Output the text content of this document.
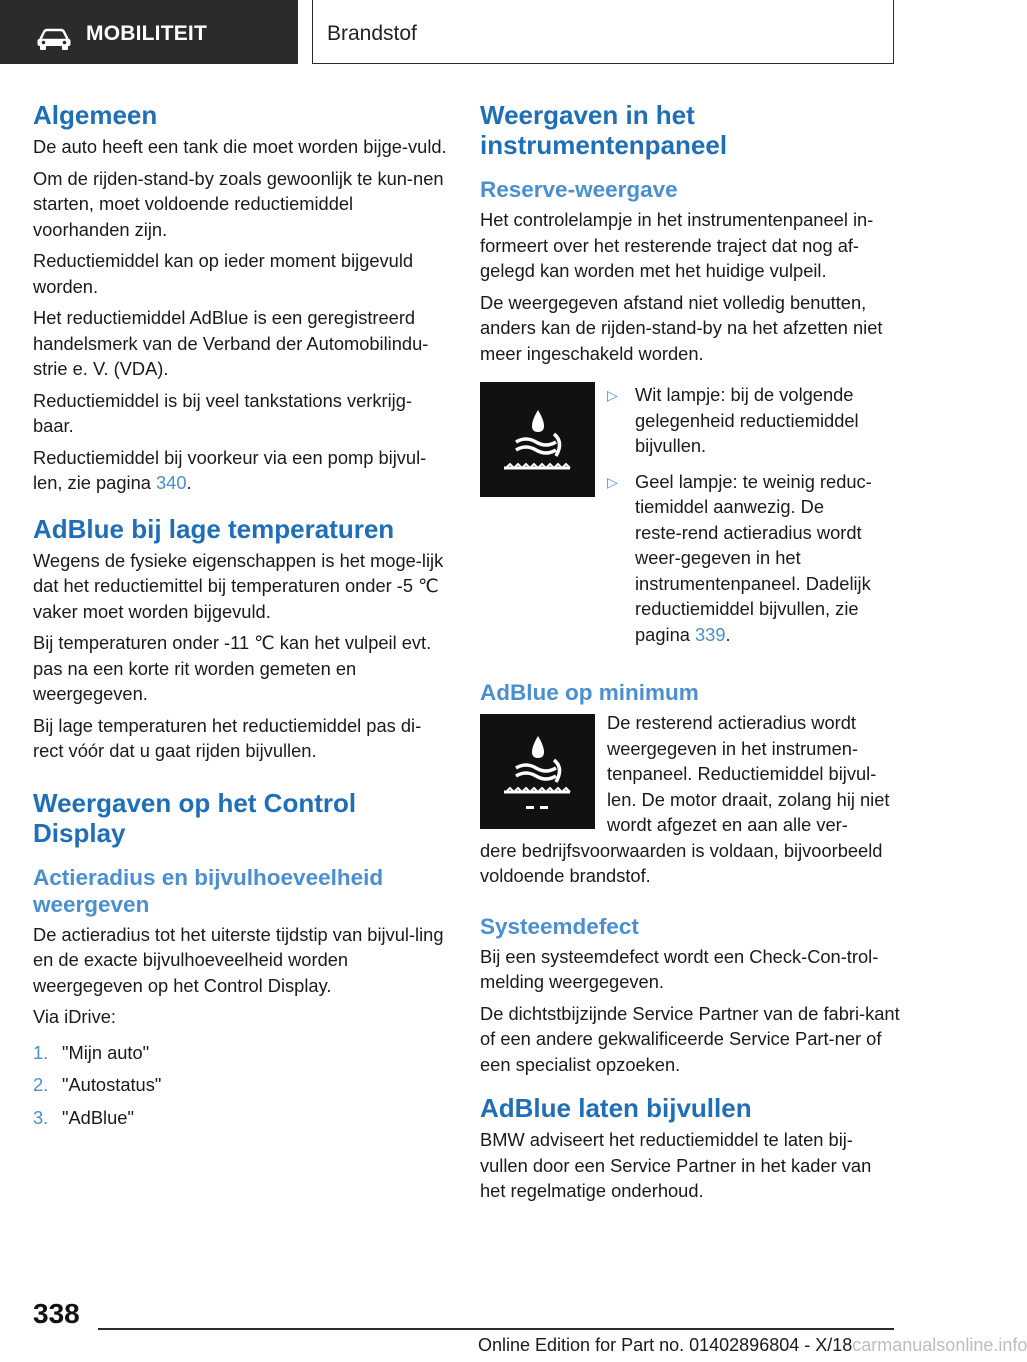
MOBILITEIT	Brandstof
Algemeen

De auto heeft een tank die moet worden bijge-vuld.

Om de rijden-stand-by zoals gewoonlijk te kun-nen starten, moet voldoende reductiemiddel voorhanden zijn.

Reductiemiddel kan op ieder moment bijgevuld worden.

Het reductiemiddel AdBlue is een geregistreerd handelsmerk van de Verband der Automobilindu-strie e. V. (VDA).

Reductiemiddel is bij veel tankstations verkrijg-baar.

Reductiemiddel bij voorkeur via een pomp bijvul-len, zie pagina 340.

AdBlue bij lage temperaturen

Wegens de fysieke eigenschappen is het moge-lijk dat het reductiemittel bij temperaturen onder -5 ℃ vaker moet worden bijgevuld.

Bij temperaturen onder -11 ℃ kan het vulpeil evt. pas na een korte rit worden gemeten en weergegeven.

Bij lage temperaturen het reductiemiddel pas di-rect vóór dat u gaat rijden bijvullen.

Weergaven op het Control Display
Actieradius en bijvulhoeveelheid weergeven

De actieradius tot het uiterste tijdstip van bijvul-ling en de exacte bijvulhoeveelheid worden weergegeven op het Control Display.

Via iDrive:

1. "Mijn auto"
2. "Autostatus"
3. "AdBlue"
Weergaven in het instrumentenpaneel
Reserve-weergave

Het controlelampje in het instrumentenpaneel in-formeert over het resterende traject dat nog af-gelegd kan worden met het huidige vulpeil.

De weergegeven afstand niet volledig benutten, anders kan de rijden-stand-by na het afzetten niet meer ingeschakeld worden.

▷ Wit lampje: bij de volgende gelegenheid reductiemiddel bijvullen.
▷ Geel lampje: te weinig reduc-tiemiddel aanwezig. De reste-rend actieradius wordt weer-gegeven in het instrumentenpaneel. Dadelijk reductiemiddel bijvullen, zie pagina 339.
AdBlue op minimum

De resterend actieradius wordt weergegeven in het instrumen-tenpaneel. Reductiemiddel bijvul-len. De motor draait, zolang hij niet wordt afgezet en aan alle ver-

dere bedrijfsvoorwaarden is voldaan, bijvoorbeeld voldoende brandstof.

Systeemdefect

Bij een systeemdefect wordt een Check-Con-trol-melding weergegeven.

De dichtstbijzijnde Service Partner van de fabri-kant of een andere gekwalificeerde Service Part-ner of een specialist opzoeken.

AdBlue laten bijvullen

BMW adviseert het reductiemiddel te laten bij-vullen door een Service Partner in het kader van het regelmatige onderhoud.

338
Online Edition for Part no. 01402896804 - X/18carmanualsonline.info
